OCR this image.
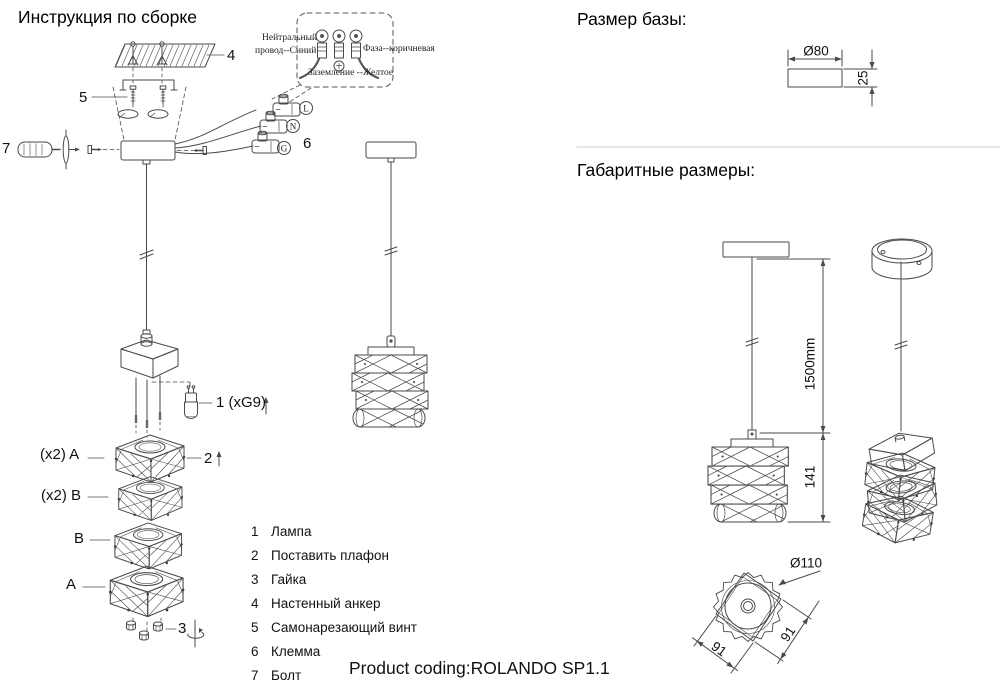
L
N
G
Инструкция по сборке
Нейтральный
провод--Синий	Фаза--коричневая
Заземление --Желтое
4
5
7	6
1 (xG9)
2
(x2) A
(x2) B
B
A
3
1 Лампа
2 Поставить плафон
3 Гайка
4 Настенный анкер
5 Самонарезающий винт
6 Клемма
7 Болт	Product coding:ROLANDO SP1.1
Размер базы:
Габаритные размеры:
Ø80
25
1500mm
141
Ø110
91
91
